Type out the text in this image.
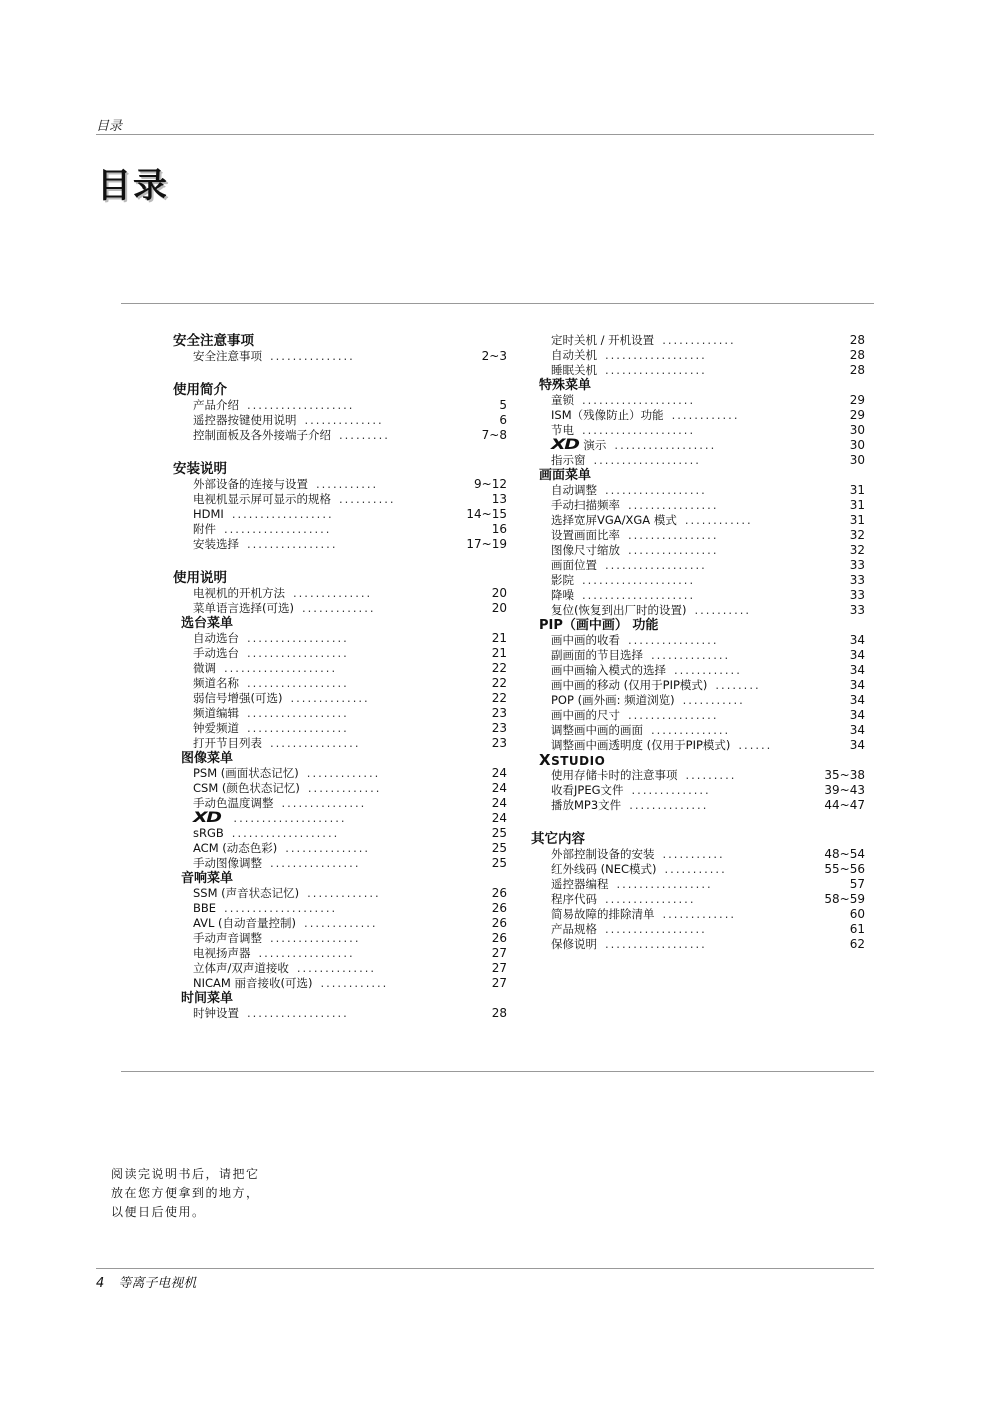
目录
目录
安全注意事项
安全注意事项 ...............	2~3
使用简介
产品介绍 ...................	5
遥控器按键使用说明 ..............	6
控制面板及各外接端子介绍 .........	7~8
安装说明
外部设备的连接与设置 ...........	9~12
电视机显示屏可显示的规格 ..........	13
HDMI ..................	14~15
附件 ...................	16
安装选择 ................	17~19
使用说明
电视机的开机方法 ..............	20
菜单语言选择(可选) .............	20
选台菜单
自动选台 ..................	21
手动选台 ..................	21
微调 ....................	22
频道名称 ..................	22
弱信号增强(可选) ..............	22
频道编辑 ..................	23
钟爱频道 ..................	23
打开节目列表 ................	23
图像菜单
PSM (画面状态记忆) .............	24
CSM (颜色状态记忆) .............	24
手动色温度调整 ...............	24
XD ....................	24
sRGB ...................	25
ACM (动态色彩) ...............	25
手动图像调整 ................	25
音响菜单
SSM (声音状态记忆) .............	26
BBE ....................	26
AVL (自动音量控制) .............	26
手动声音调整 ................	26
电视扬声器 .................	27
立体声/双声道接收 ..............	27
NICAM 丽音接收(可选) ............	27
时间菜单
时钟设置 ..................	28
定时关机 / 开机设置 .............	28
自动关机 ..................	28
睡眠关机 ..................	28
特殊菜单
童锁 ....................	29
ISM（残像防止）功能 ............	29
节电 ....................	30
XD 演示 ..................	30
指示窗 ...................	30
画面菜单
自动调整 ..................	31
手动扫描频率 ................	31
选择宽屏VGA/XGA 模式 ............	31
设置画面比率 ................	32
图像尺寸缩放 ................	32
画面位置 ..................	33
影院 ....................	33
降噪 ....................	33
复位(恢复到出厂时的设置) ..........	33
PIP（画中画） 功能
画中画的收看 ................	34
副画面的节目选择 ..............	34
画中画输入模式的选择 ............	34
画中画的移动 (仅用于PIP模式) ........	34
POP (画外画: 频道浏览) ...........	34
画中画的尺寸 ................	34
调整画中画的画面 ..............	34
调整画中画透明度 (仅用于PIP模式) ......	34
XSTUDIO
使用存储卡时的注意事项 .........	35~38
收看JPEG文件 ..............	39~43
播放MP3文件 ..............	44~47
其它内容
外部控制设备的安装 ...........	48~54
红外线码 (NEC模式) ...........	55~56
遥控器编程 .................	57
程序代码 ................	58~59
简易故障的排除清单 .............	60
产品规格 ..................	61
保修说明 ..................	62
阅读完说明书后，请把它
放在您方便拿到的地方，
以便日后使用。
4 等离子电视机
